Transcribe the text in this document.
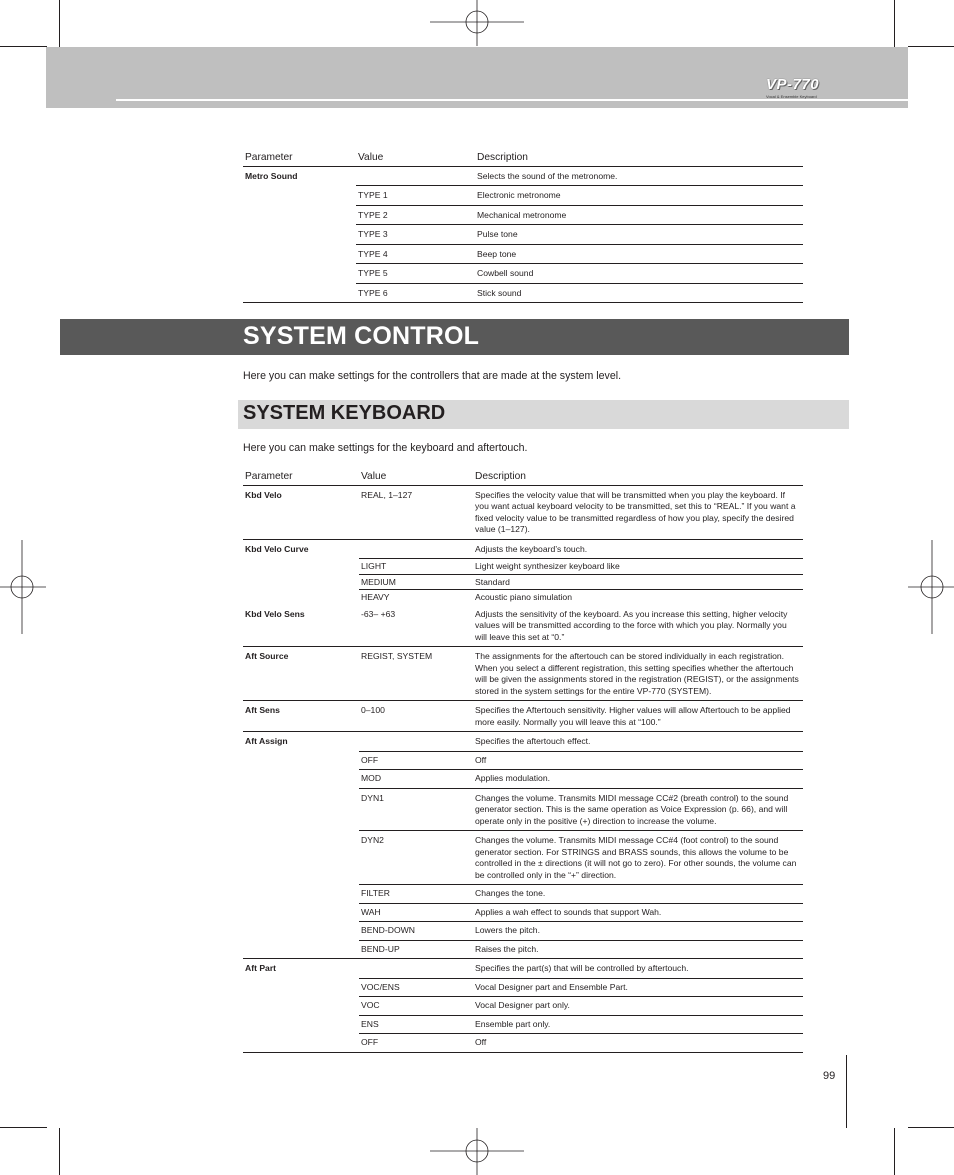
VP-770
Vocal & Ensemble Keyboard
Parameter	Value	Description
Metro Sound		Selects the sound of the metronome.
	TYPE 1	Electronic metronome
	TYPE 2	Mechanical metronome
	TYPE 3	Pulse tone
	TYPE 4	Beep tone
	TYPE 5	Cowbell sound
	TYPE 6	Stick sound
SYSTEM CONTROL
Here you can make settings for the controllers that are made at the system level.
SYSTEM KEYBOARD
Here you can make settings for the keyboard and aftertouch.
Parameter	Value	Description
Kbd Velo	REAL, 1–127	Specifies the velocity value that will be transmitted when you play the keyboard. If you want actual keyboard velocity to be transmitted, set this to “REAL.” If you want a fixed velocity value to be transmitted regardless of how you play, specify the desired value (1–127).
Kbd Velo Curve		Adjusts the keyboard’s touch.
	LIGHT	Light weight synthesizer keyboard like
	MEDIUM	Standard
	HEAVY	Acoustic piano simulation
Kbd Velo Sens	-63– +63	Adjusts the sensitivity of the keyboard. As you increase this setting, higher velocity values will be transmitted according to the force with which you play. Normally you will leave this set at “0.”
Aft Source	REGIST, SYSTEM	The assignments for the aftertouch can be stored individually in each registration. When you select a different registration, this setting specifies whether the aftertouch will be given the assignments stored in the registration (REGIST), or the assignments stored in the system settings for the entire VP-770 (SYSTEM).
Aft Sens	0–100	Specifies the Aftertouch sensitivity. Higher values will allow Aftertouch to be applied more easily. Normally you will leave this at “100.”
Aft Assign		Specifies the aftertouch effect.
	OFF	Off
	MOD	Applies modulation.
	DYN1	Changes the volume. Transmits MIDI message CC#2 (breath control) to the sound generator section. This is the same operation as Voice Expression (p. 66), and will operate only in the positive (+) direction to increase the volume.
	DYN2	Changes the volume. Transmits MIDI message CC#4 (foot control) to the sound generator section. For STRINGS and BRASS sounds, this allows the volume to be controlled in the ± directions (it will not go to zero). For other sounds, the volume can be controlled only in the “+” direction.
	FILTER	Changes the tone.
	WAH	Applies a wah effect to sounds that support Wah.
	BEND-DOWN	Lowers the pitch.
	BEND-UP	Raises the pitch.
Aft Part		Specifies the part(s) that will be controlled by aftertouch.
	VOC/ENS	Vocal Designer part and Ensemble Part.
	VOC	Vocal Designer part only.
	ENS	Ensemble part only.
	OFF	Off
99
